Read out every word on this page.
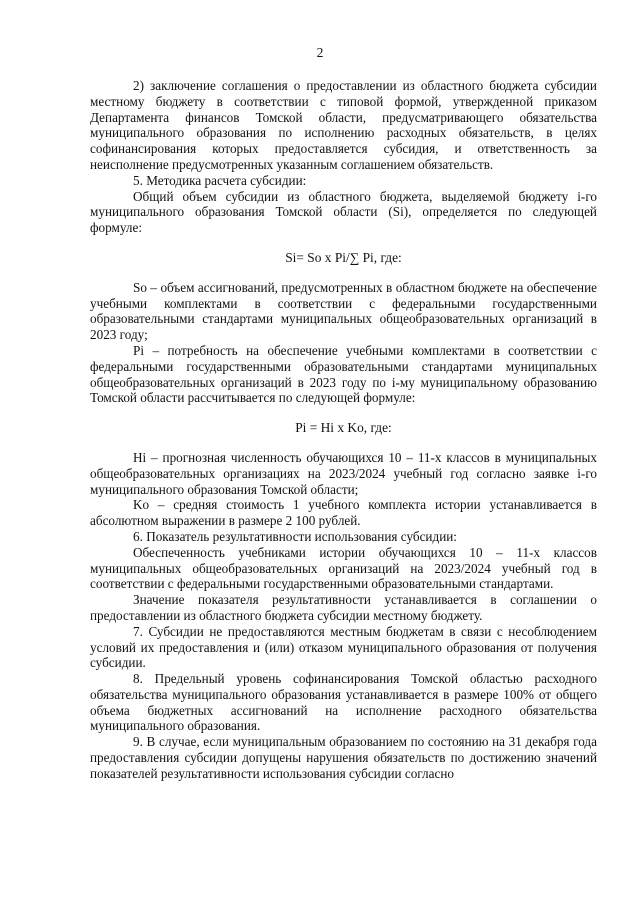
2

2) заключение соглашения о предоставлении из областного бюджета субсидии местному бюджету в соответствии с типовой формой, утвержденной приказом Департамента финансов Томской области, предусматривающего обязательства муниципального образования по исполнению расходных обязательств, в целях софинансирования которых предоставляется субсидия, и ответственность за неисполнение предусмотренных указанным соглашением обязательств.

5. Методика расчета субсидии:

Общий объем субсидии из областного бюджета, выделяемой бюджету i-го муниципального образования Томской области (Si), определяется по следующей формуле:

Si= So x Pi/∑ Pi, где:

So – объем ассигнований, предусмотренных в областном бюджете на обеспечение учебными комплектами в соответствии с федеральными государственными образовательными стандартами муниципальных общеобразовательных организаций в 2023 году;

Pi – потребность на обеспечение учебными комплектами в соответствии с федеральными государственными образовательными стандартами муниципальных общеобразовательных организаций в 2023 году по i-му муниципальному образованию Томской области рассчитывается по следующей формуле:

Pi = Hi x Kо, где:

Hi – прогнозная численность обучающихся 10 – 11-х классов в муниципальных общеобразовательных организациях на 2023/2024 учебный год согласно заявке i-го муниципального образования Томской области;

Kо – средняя стоимость 1 учебного комплекта истории устанавливается в абсолютном выражении в размере 2 100 рублей.

6. Показатель результативности использования субсидии:

Обеспеченность учебниками истории обучающихся 10 – 11-х классов муниципальных общеобразовательных организаций на 2023/2024 учебный год в соответствии с федеральными государственными образовательными стандартами.

Значение показателя результативности устанавливается в соглашении о предоставлении из областного бюджета субсидии местному бюджету.

7. Субсидии не предоставляются местным бюджетам в связи с несоблюдением условий их предоставления и (или) отказом муниципального образования от получения субсидии.

8. Предельный уровень софинансирования Томской областью расходного обязательства муниципального образования устанавливается в размере 100% от общего объема бюджетных ассигнований на исполнение расходного обязательства муниципального образования.

9. В случае, если муниципальным образованием по состоянию на 31 декабря года предоставления субсидии допущены нарушения обязательств по достижению значений показателей результативности использования субсидии согласно
